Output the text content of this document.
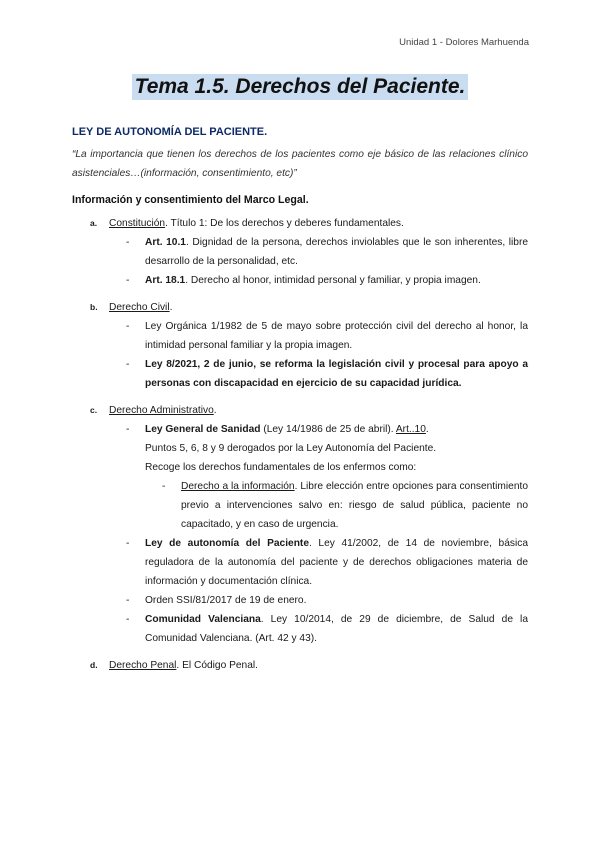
Unidad 1 - Dolores Marhuenda
Tema 1.5. Derechos del Paciente.
LEY DE AUTONOMÍA DEL PACIENTE.
“La importancia que tienen los derechos de los pacientes como eje básico de las relaciones clínico asistenciales…(información, consentimiento, etc)”
Información y consentimiento del Marco Legal.
a. Constitución. Título 1: De los derechos y deberes fundamentales.
- Art. 10.1. Dignidad de la persona, derechos inviolables que le son inherentes, libre desarrollo de la personalidad, etc.
- Art. 18.1. Derecho al honor, intimidad personal y familiar, y propia imagen.
b. Derecho Civil.
- Ley Orgánica 1/1982 de 5 de mayo sobre protección civil del derecho al honor, la intimidad personal familiar y la propia imagen.
- Ley 8/2021, 2 de junio, se reforma la legislación civil y procesal para apoyo a personas con discapacidad en ejercicio de su capacidad jurídica.
c. Derecho Administrativo.
- Ley General de Sanidad (Ley 14/1986 de 25 de abril). Art..10.
Puntos 5, 6, 8 y 9 derogados por la Ley Autonomía del Paciente.
Recoge los derechos fundamentales de los enfermos como:
- Derecho a la información. Libre elección entre opciones para consentimiento previo a intervenciones salvo en: riesgo de salud pública, paciente no capacitado, y en caso de urgencia.
- Ley de autonomía del Paciente. Ley 41/2002, de 14 de noviembre, básica reguladora de la autonomía del paciente y de derechos obligaciones materia de información y documentación clínica.
- Orden SSI/81/2017 de 19 de enero.
- Comunidad Valenciana. Ley 10/2014, de 29 de diciembre, de Salud de la Comunidad Valenciana. (Art. 42 y 43).
d. Derecho Penal. El Código Penal.
